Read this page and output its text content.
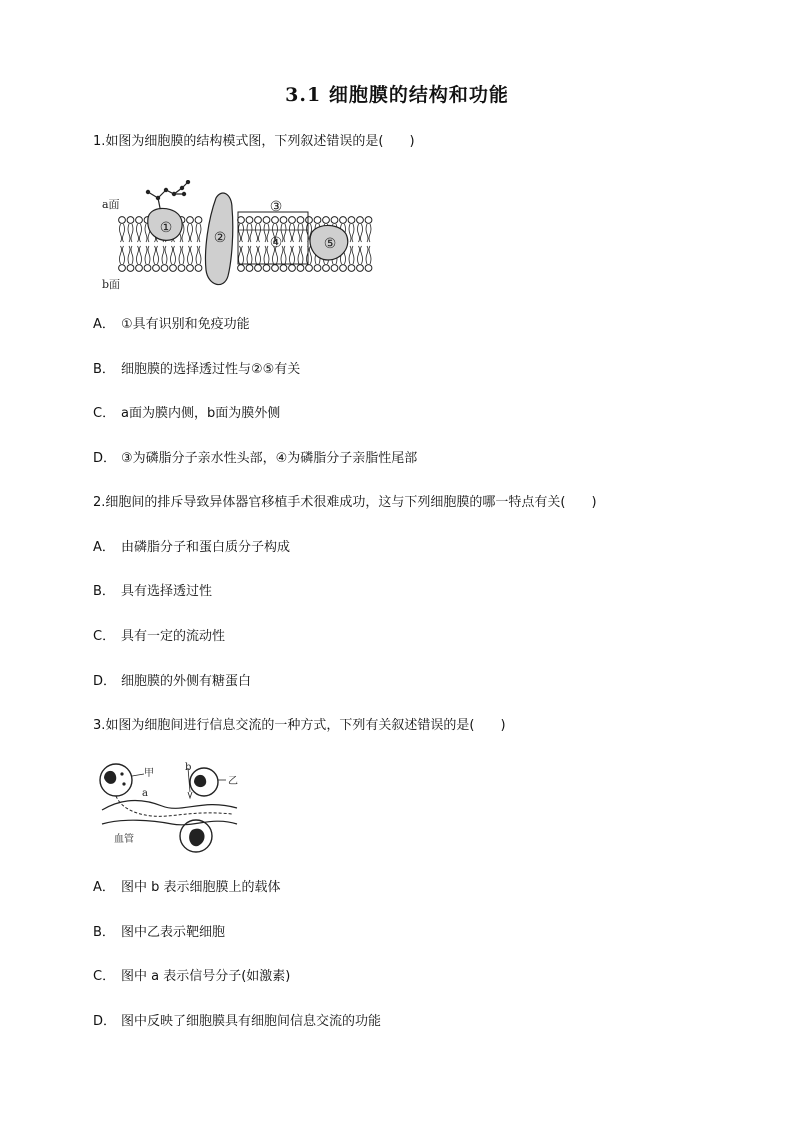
3.1 细胞膜的结构和功能
1.如图为细胞膜的结构模式图，下列叙述错误的是(　　)
①
②
③
④	⑤
a面
b面
A． ①具有识别和免疫功能
B． 细胞膜的选择透过性与②⑤有关
C． a面为膜内侧，b面为膜外侧
D． ③为磷脂分子亲水性头部，④为磷脂分子亲脂性尾部
2.细胞间的排斥导致异体器官移植手术很难成功，这与下列细胞膜的哪一特点有关(　　)
A． 由磷脂分子和蛋白质分子构成
B． 具有选择透过性
C． 具有一定的流动性
D． 细胞膜的外侧有糖蛋白
3.如图为细胞间进行信息交流的一种方式，下列有关叙述错误的是(　　)
甲
乙
a
b
血管
A． 图中 b 表示细胞膜上的载体
B． 图中乙表示靶细胞
C． 图中 a 表示信号分子(如激素)
D． 图中反映了细胞膜具有细胞间信息交流的功能
